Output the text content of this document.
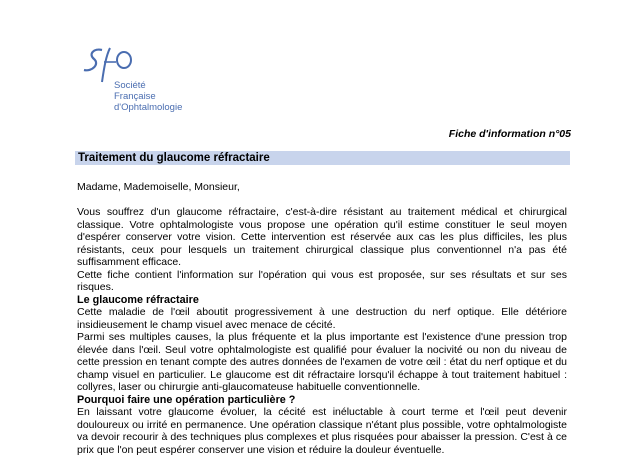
Société
Française
d'Ophtalmologie
Fiche d'information n°05
Traitement du glaucome réfractaire

Madame, Mademoiselle, Monsieur,

Vous souffrez d'un glaucome réfractaire, c'est-à-dire résistant au traitement médical et chirurgical classique. Votre ophtalmologiste vous propose une opération qu'il estime constituer le seul moyen d'espérer conserver votre vision. Cette intervention est réservée aux cas les plus difficiles, les plus résistants, ceux pour lesquels un traitement chirurgical classique plus conventionnel n'a pas été suffisamment efficace.

Cette fiche contient l'information sur l'opération qui vous est proposée, sur ses résultats et sur ses risques.

Le glaucome réfractaire

Cette maladie de l'œil aboutit progressivement à une destruction du nerf optique. Elle détériore insidieusement le champ visuel avec menace de cécité.

Parmi ses multiples causes, la plus fréquente et la plus importante est l'existence d'une pression trop élevée dans l'œil. Seul votre ophtalmologiste est qualifié pour évaluer la nocivité ou non du niveau de cette pression en tenant compte des autres données de l'examen de votre œil : état du nerf optique et du champ visuel en particulier. Le glaucome est dit réfractaire lorsqu'il échappe à tout traitement habituel : collyres, laser ou chirurgie anti-glaucomateuse habituelle conventionnelle.

Pourquoi faire une opération particulière ?

En laissant votre glaucome évoluer, la cécité est inéluctable à court terme et l'œil peut devenir douloureux ou irrité en permanence. Une opération classique n'étant plus possible, votre ophtalmologiste va devoir recourir à des techniques plus complexes et plus risquées pour abaisser la pression. C'est à ce prix que l'on peut espérer conserver une vision et réduire la douleur éventuelle.
